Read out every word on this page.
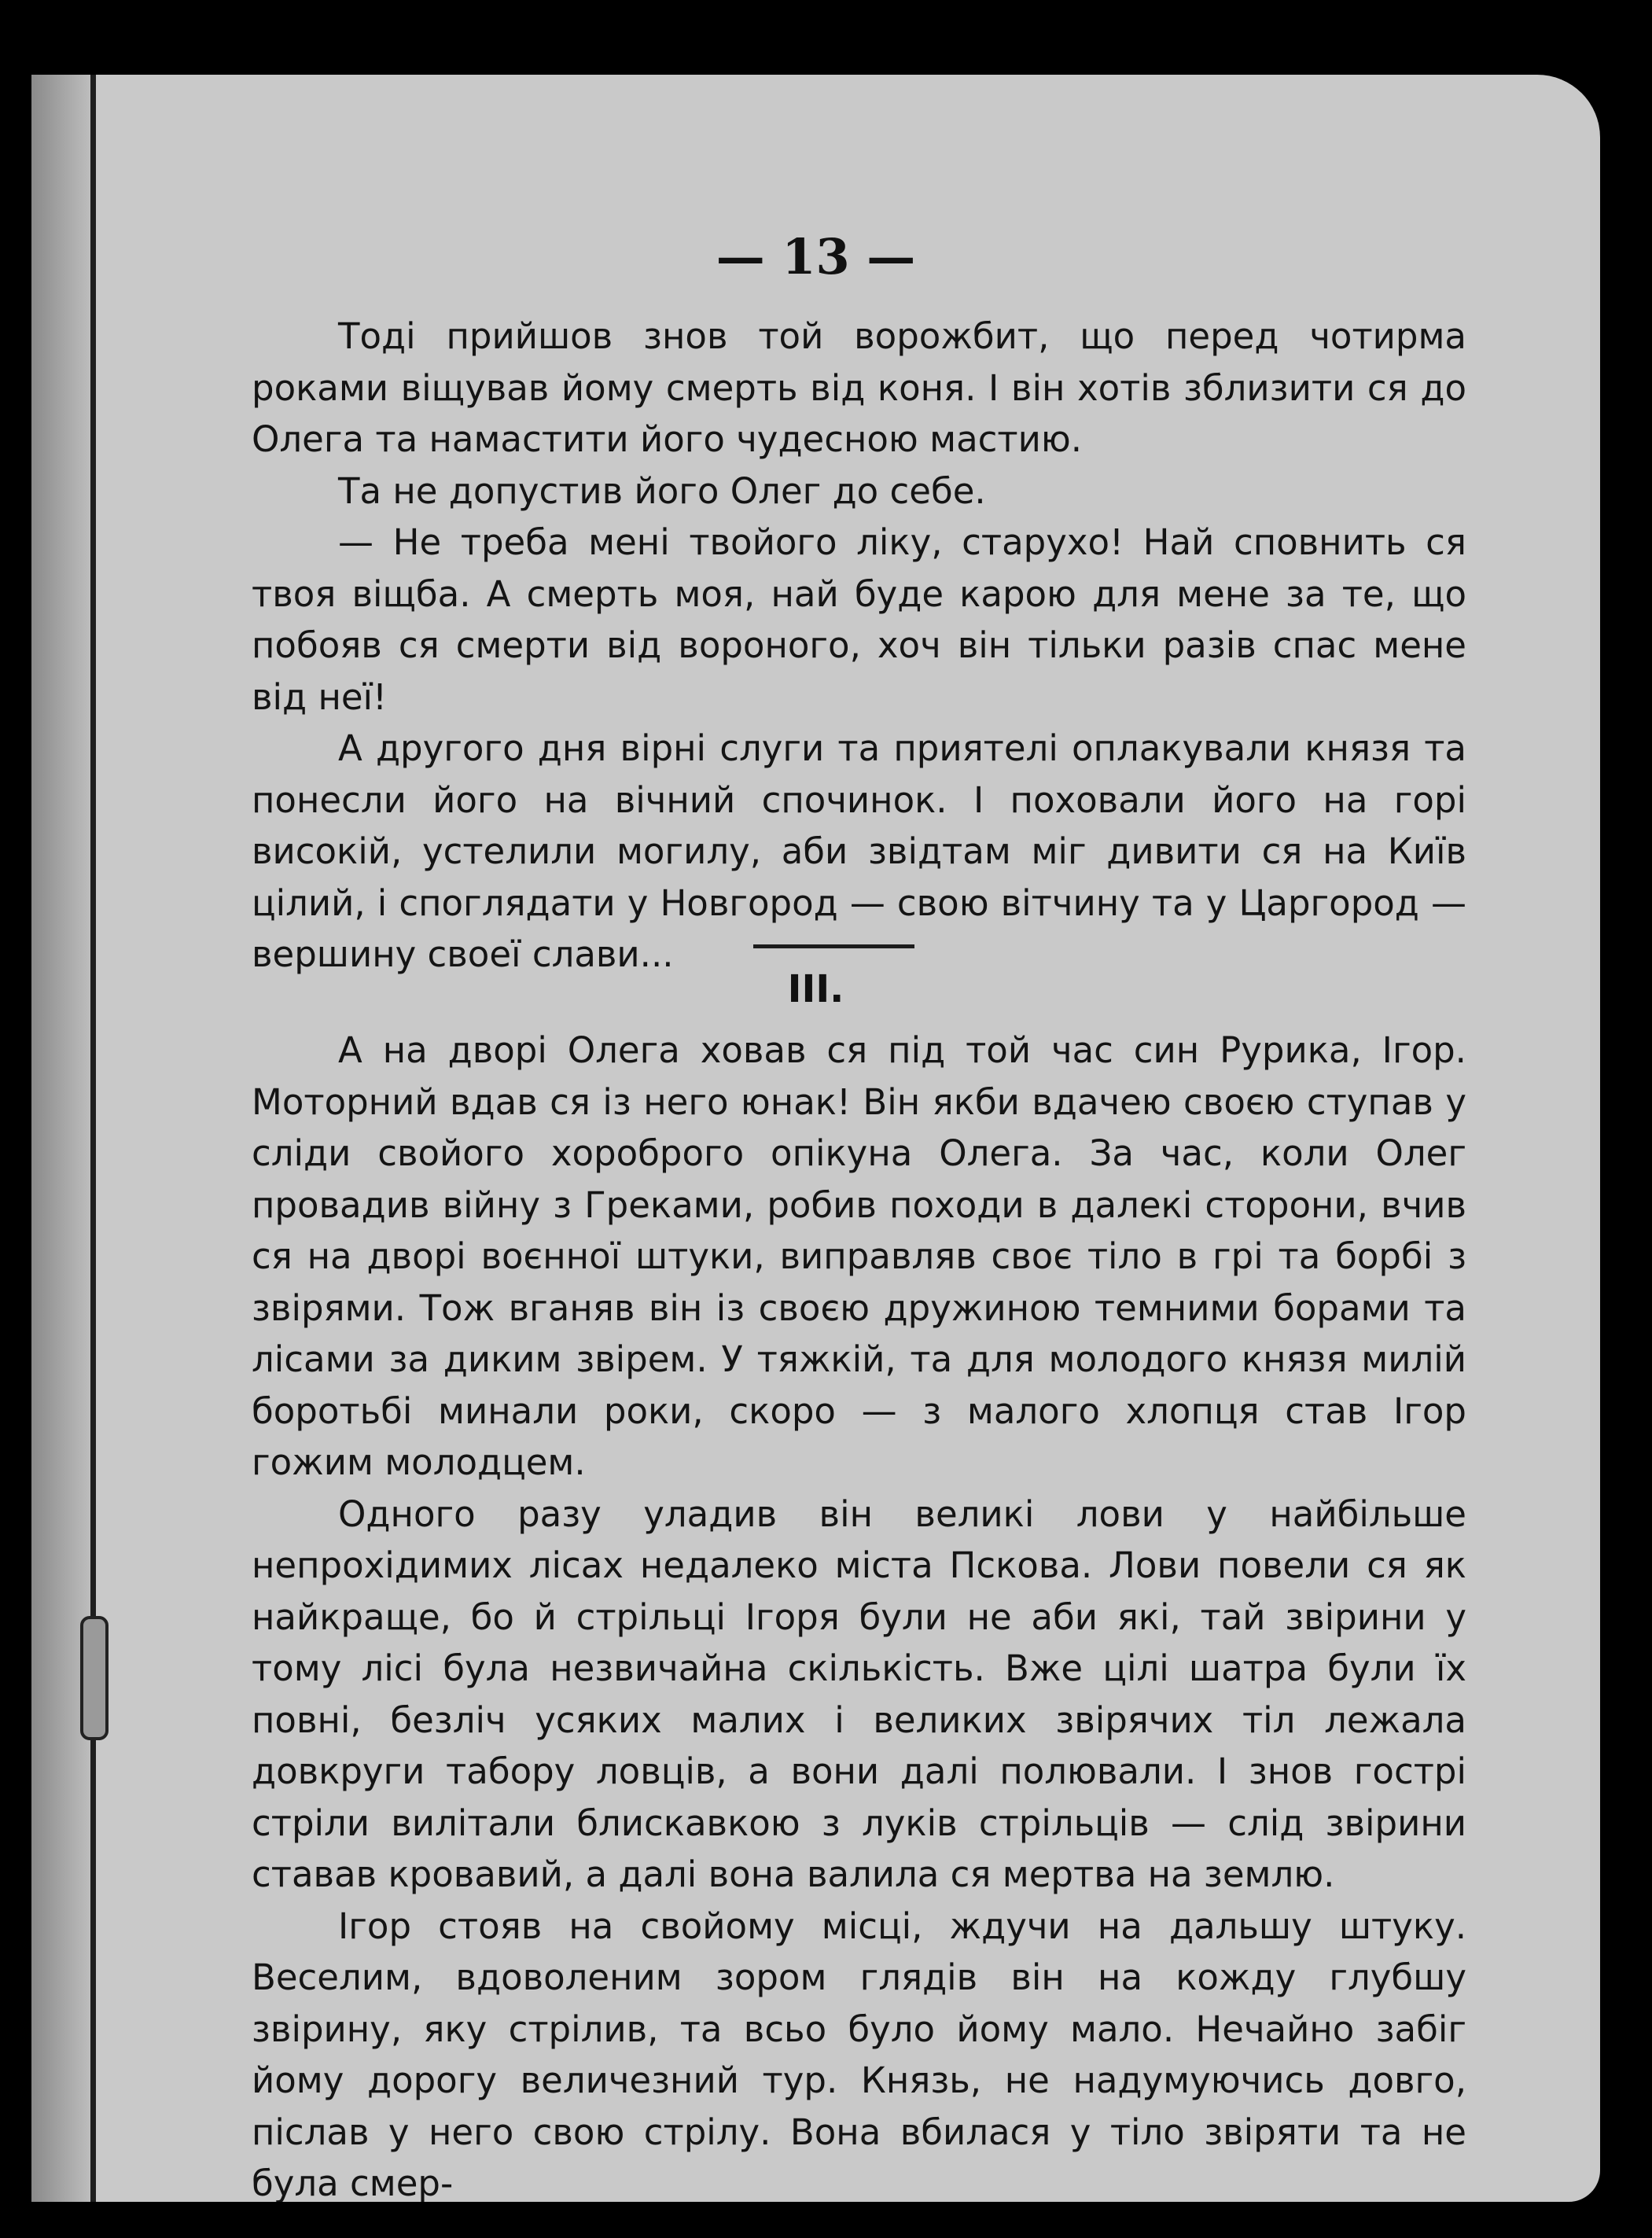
— 13 —

Тоді прийшов знов той ворожбит, що перед чотирма роками віщував йому смерть від коня. І він хотів зблизити ся до Олега та намастити його чудесною мастию.

Та не допустив його Олег до себе.

— Не треба мені твойого ліку, старухо! Най сповнить ся твоя віщба. А смерть моя, най буде карою для мене за те, що побояв ся смерти від вороного, хоч він тільки разів спас мене від неї!

А другого дня вірні слуги та приятелі оплакували князя та понесли його на вічний спочинок. І поховали його на горі високій, устелили могилу, аби звідтам міг дивити ся на Київ цілий, і споглядати у Новгород — свою вітчину та у Царгород — вершину своеї слави...

III.

А на дворі Олега ховав ся під той час син Рурика, Ігор. Моторний вдав ся із него юнак! Він якби вдачею своєю ступав у сліди свойого хороброго опікуна Олега. За час, коли Олег провадив війну з Греками, робив походи в далекі сторони, вчив ся на дворі воєнної штуки, виправляв своє тіло в грі та борбі з звірями. Тож вганяв він із своєю дружиною темними борами та лісами за диким звірем. У тяжкій, та для молодого князя милій боротьбі минали роки, скоро — з малого хлопця став Ігор гожим молодцем.

Одного разу уладив він великі лови у найбільше непрохідимих лісах недалеко міста Пскова. Лови повели ся як найкраще, бо й стрільці Ігоря були не аби які, тай звірини у тому лісі була незвичайна скількість. Вже цілі шатра були їх повні, безліч усяких малих і великих звірячих тіл лежала довкруги табору ловців, а вони далі полювали. І знов гострі стріли вилітали блискавкою з луків стрільців — слід звірини ставав кровавий, а далі вона валила ся мертва на землю.

Ігор стояв на свойому місці, ждучи на дальшу штуку. Веселим, вдоволеним зором глядів він на кожду глубшу звірину, яку стрілив, та всьо було йому мало. Нечайно забіг йому дорогу величезний тур. Князь, не надумуючись довго, післав у него свою стрілу. Вона вбилася у тіло звіряти та не була смер-
